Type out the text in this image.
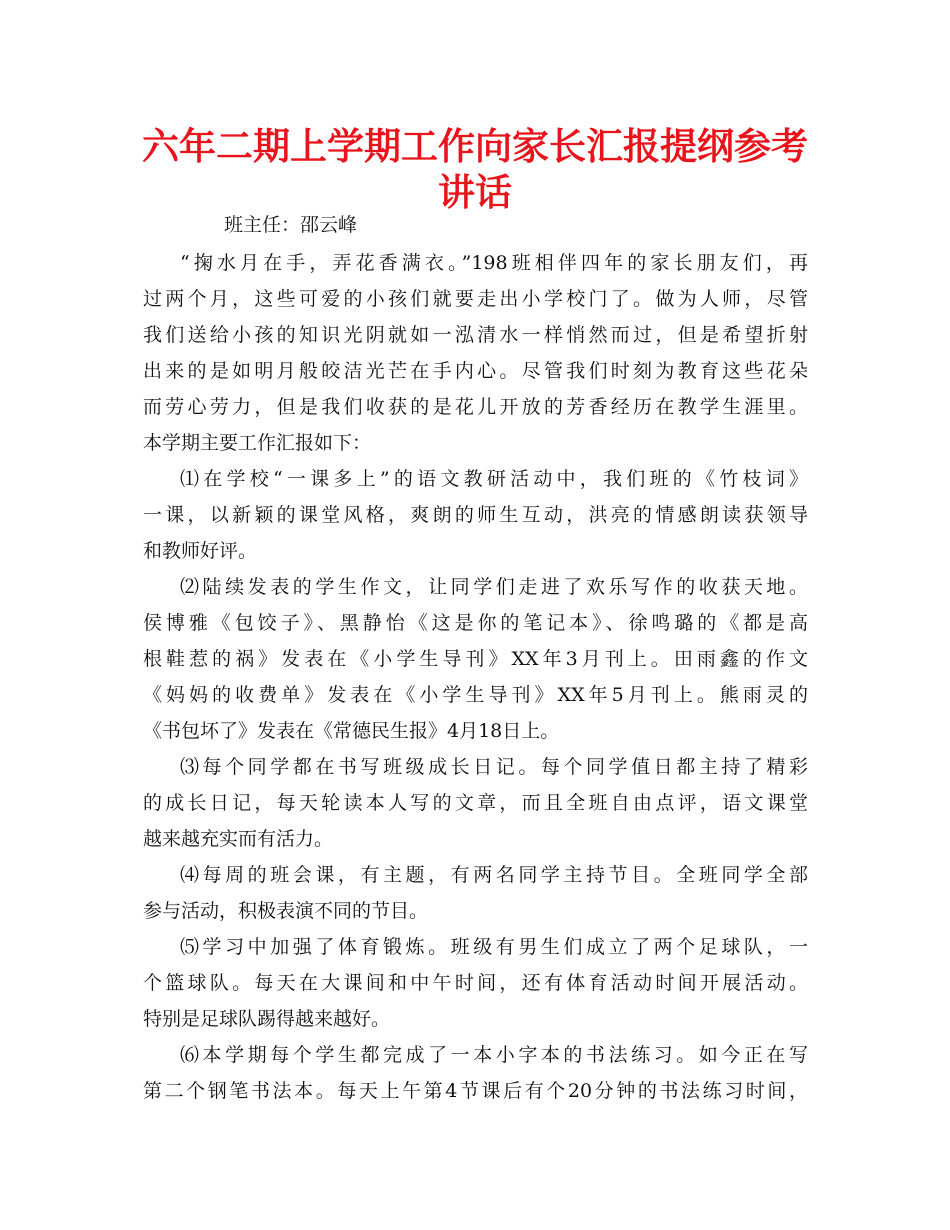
六年二期上学期工作向家长汇报提纲参考
讲话

班主任：邵云峰

“掬水月在手，弄花香满衣。”198班相伴四年的家长朋友们，再

过两个月，这些可爱的小孩们就要走出小学校门了。做为人师，尽管

我们送给小孩的知识光阴就如一泓清水一样悄然而过，但是希望折射

出来的是如明月般皎洁光芒在手内心。尽管我们时刻为教育这些花朵

而劳心劳力，但是我们收获的是花儿开放的芳香经历在教学生涯里。

本学期主要工作汇报如下：

⑴在学校“一课多上”的语文教研活动中，我们班的《竹枝词》

一课，以新颖的课堂风格，爽朗的师生互动，洪亮的情感朗读获领导

和教师好评。

⑵陆续发表的学生作文，让同学们走进了欢乐写作的收获天地。

侯博雅《包饺子》、黑静怡《这是你的笔记本》、徐鸣璐的《都是高

根鞋惹的祸》发表在《小学生导刊》XX年3月刊上。田雨鑫的作文

《妈妈的收费单》发表在《小学生导刊》XX年5月刊上。熊雨灵的

《书包坏了》发表在《常德民生报》4月18日上。

⑶每个同学都在书写班级成长日记。每个同学值日都主持了精彩

的成长日记，每天轮读本人写的文章，而且全班自由点评，语文课堂

越来越充实而有活力。

⑷每周的班会课，有主题，有两名同学主持节目。全班同学全部

参与活动，积极表演不同的节目。

⑸学习中加强了体育锻炼。班级有男生们成立了两个足球队，一

个篮球队。每天在大课间和中午时间，还有体育活动时间开展活动。

特别是足球队踢得越来越好。

⑹本学期每个学生都完成了一本小字本的书法练习。如今正在写

第二个钢笔书法本。每天上午第4节课后有个20分钟的书法练习时间，
